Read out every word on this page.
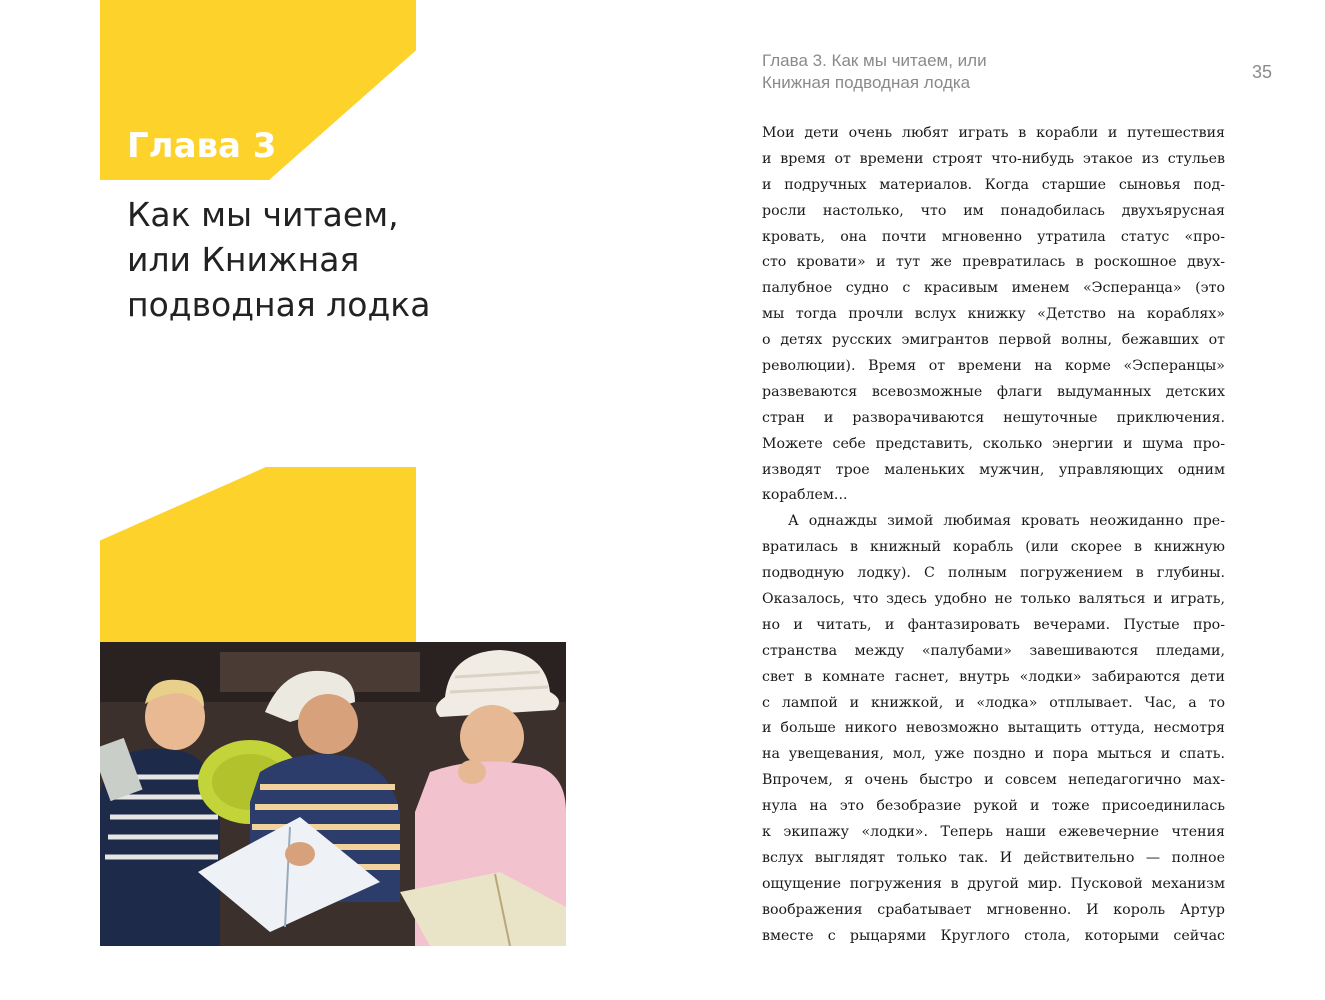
Глава 3
Как мы читаем,
или Книжная
подводная лодка
Глава 3. Как мы читаем, или
Книжная подводная лодка
35
Мои дети очень любят играть в корабли и путешествия
и время от времени строят что-нибудь этакое из стульев
и подручных материалов. Когда старшие сыновья под-
росли настолько, что им понадобилась двухъярусная
кровать, она почти мгновенно утратила статус «про-
сто кровати» и тут же превратилась в роскошное двух-
палубное судно с красивым именем «Эсперанца» (это
мы тогда прочли вслух книжку «Детство на кораблях»
о детях русских эмигрантов первой волны, бежавших от
революции). Время от времени на корме «Эсперанцы»
развеваются всевозможные флаги выдуманных детских
стран и разворачиваются нешуточные приключения.
Можете себе представить, сколько энергии и шума про-
изводят трое маленьких мужчин, управляющих одним
кораблем...
А однажды зимой любимая кровать неожиданно пре-
вратилась в книжный корабль (или скорее в книжную
подводную лодку). С полным погружением в глубины.
Оказалось, что здесь удобно не только валяться и играть,
но и читать, и фантазировать вечерами. Пустые про-
странства между «палубами» завешиваются пледами,
свет в комнате гаснет, внутрь «лодки» забираются дети
с лампой и книжкой, и «лодка» отплывает. Час, а то
и больше никого невозможно вытащить оттуда, несмотря
на увещевания, мол, уже поздно и пора мыться и спать.
Впрочем, я очень быстро и совсем непедагогично мах-
нула на это безобразие рукой и тоже присоединилась
к экипажу «лодки». Теперь наши ежевечерние чтения
вслух выглядят только так. И действительно — полное
ощущение погружения в другой мир. Пусковой механизм
воображения срабатывает мгновенно. И король Артур
вместе с рыцарями Круглого стола, которыми сейчас
